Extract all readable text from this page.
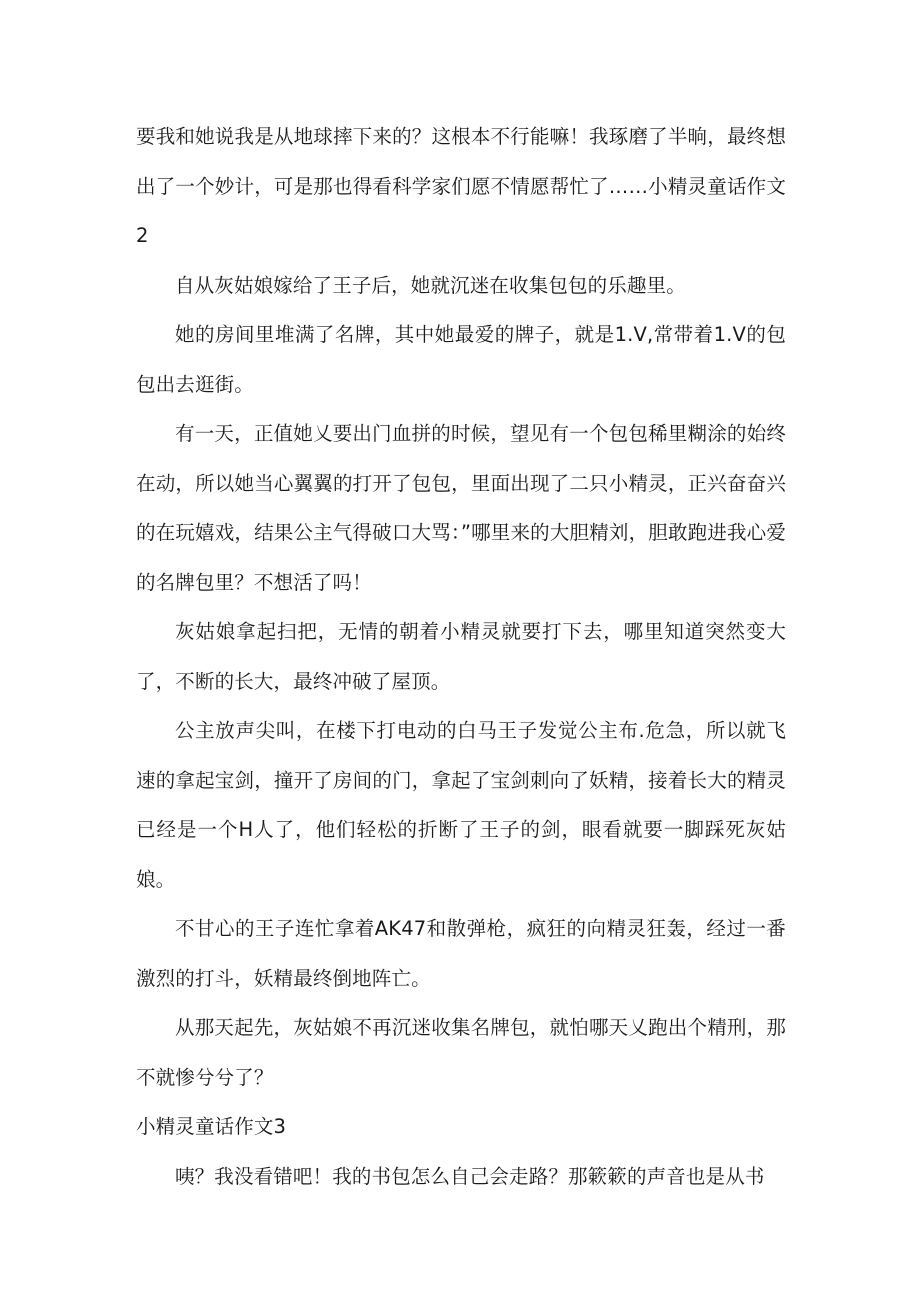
要我和她说我是从地球摔下来的？这根本不行能嘛！我琢磨了半晌，最终想出了一个妙计，可是那也得看科学家们愿不情愿帮忙了……小精灵童话作文2

自从灰姑娘嫁给了王子后，她就沉迷在收集包包的乐趣里。

她的房间里堆满了名牌，其中她最爱的牌子，就是1.V,常带着1.V的包包出去逛街。

有一天，正值她乂要出门血拼的时候，望见有一个包包稀里糊涂的始终在动，所以她当心翼翼的打开了包包，里面出现了二只小精灵，正兴奋奋兴的在玩嬉戏，结果公主气得破口大骂：”哪里来的大胆精刘，胆敢跑进我心爱的名牌包里？不想活了吗！

灰姑娘拿起扫把，无情的朝着小精灵就要打下去，哪里知道突然变大了，不断的长大，最终冲破了屋顶。

公主放声尖叫，在楼下打电动的白马王子发觉公主布.危急，所以就飞速的拿起宝剑，撞开了房间的门，拿起了宝剑刺向了妖精，接着长大的精灵已经是一个H人了，他们轻松的折断了王子的剑，眼看就要一脚踩死灰姑娘。

不甘心的王子连忙拿着AK47和散弹枪，疯狂的向精灵狂轰，经过一番激烈的打斗，妖精最终倒地阵亡。

从那天起先，灰姑娘不再沉迷收集名牌包，就怕哪天乂跑出个精刑，那不就惨兮兮了？

小精灵童话作文3

咦？我没看错吧！我的书包怎么自己会走路？那簌簌的声音也是从书
